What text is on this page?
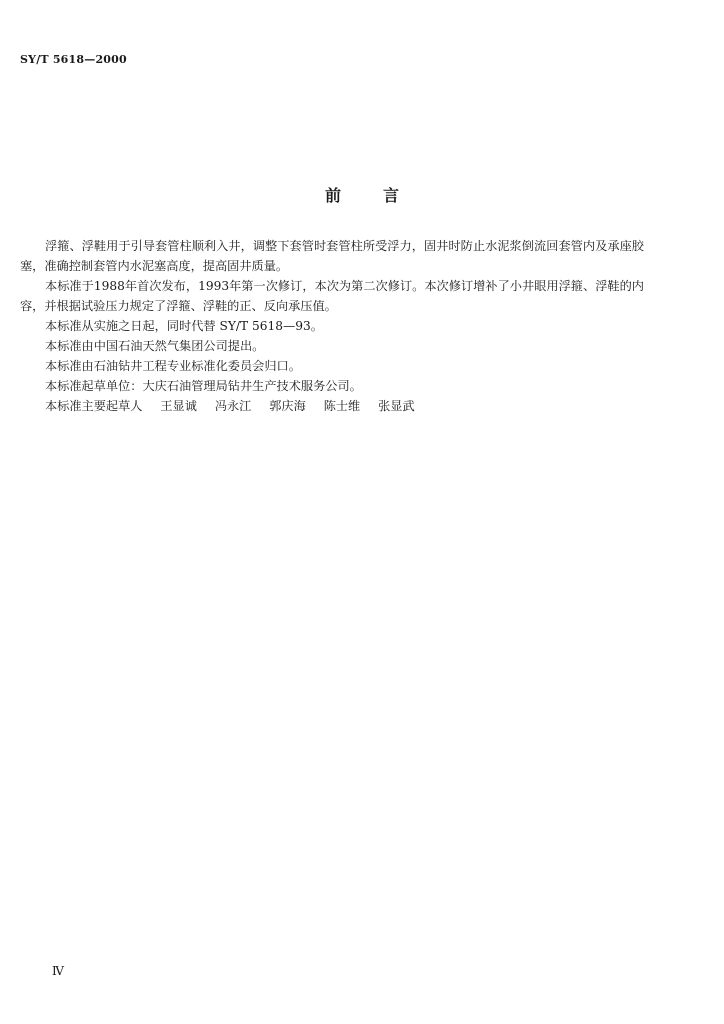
SY/T 5618—2000
前	言

浮箍、浮鞋用于引导套管柱顺利入井，调整下套管时套管柱所受浮力，固井时防止水泥浆倒流回套管内及承座胶塞，准确控制套管内水泥塞高度，提高固井质量。

本标准于1988年首次发布，1993年第一次修订，本次为第二次修订。本次修订增补了小井眼用浮箍、浮鞋的内容，并根据试验压力规定了浮箍、浮鞋的正、反向承压值。

本标准从实施之日起，同时代替 SY/T 5618—93。

本标准由中国石油天然气集团公司提出。

本标准由石油钻井工程专业标准化委员会归口。

本标准起草单位：大庆石油管理局钻井生产技术服务公司。

本标准主要起草人 王显诚 冯永江 郭庆海 陈士维 张显武

Ⅳ
